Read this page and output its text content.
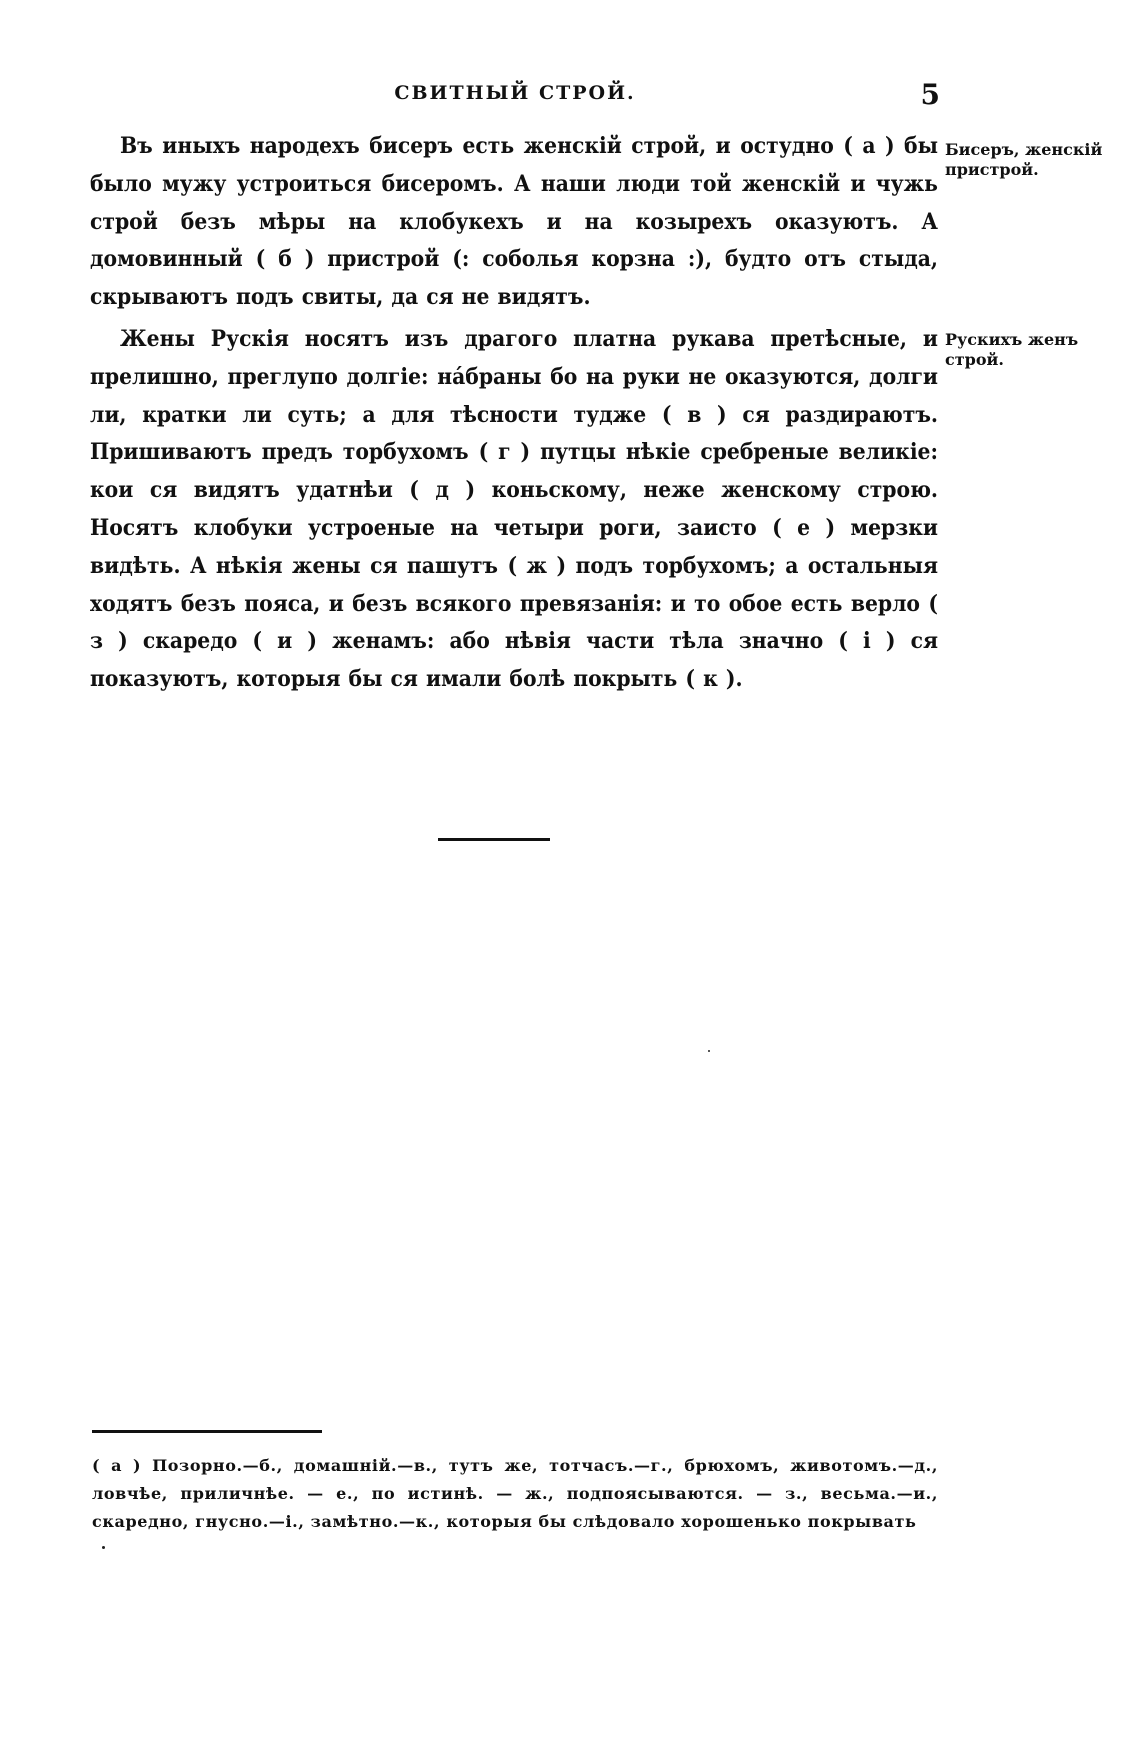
СВИТНЫЙ СТРОЙ.	5

Въ иныхъ народехъ бисеръ есть женскій строй, и остудно ( а ) бы было мужу устроиться бисеромъ. А наши люди той женскій и чужь строй безъ мѣры на клобукехъ и на козырехъ оказуютъ. А домовинный ( б ) пристрой (: соболья корзна :), будто отъ стыда, скрываютъ подъ свиты, да ся не видятъ.

Жены Рускія носятъ изъ драгого платна рукава претѣсные, и прелишно, преглупо долгіе: нáбраны бо на руки не оказуются, долги ли, кратки ли суть; а для тѣсности тудже ( в ) ся раздираютъ. Пришиваютъ предъ торбухомъ ( г ) путцы нѣкіе сребреные великіе: кои ся видятъ удатнѣи ( д ) коньскому, неже женскому строю. Носятъ клобуки устроеные на четыри роги, заисто ( е ) мерзки видѣть. А нѣкія жены ся пашутъ ( ж ) подъ торбухомъ; а остальныя ходятъ безъ пояса, и безъ всякого превязанія: и то обое есть верло ( з ) скаредо ( и ) женамъ: або нѣвія части тѣла значно ( і ) ся показуютъ, которыя бы ся имали болѣ покрыть ( к ).

Бисеръ, женскій пристрой.
Рускихъ женъ строй.
( а ) Позорно.—б., домашній.—в., тутъ же, тотчасъ.—г., брюхомъ, животомъ.—д., ловчѣе, приличнѣе. — е., по истинѣ. — ж., подпоясываются. — з., весьма.—и., скаредно, гнусно.—і., замѣтно.—к., которыя бы слѣдовало хорошенько покрывать
